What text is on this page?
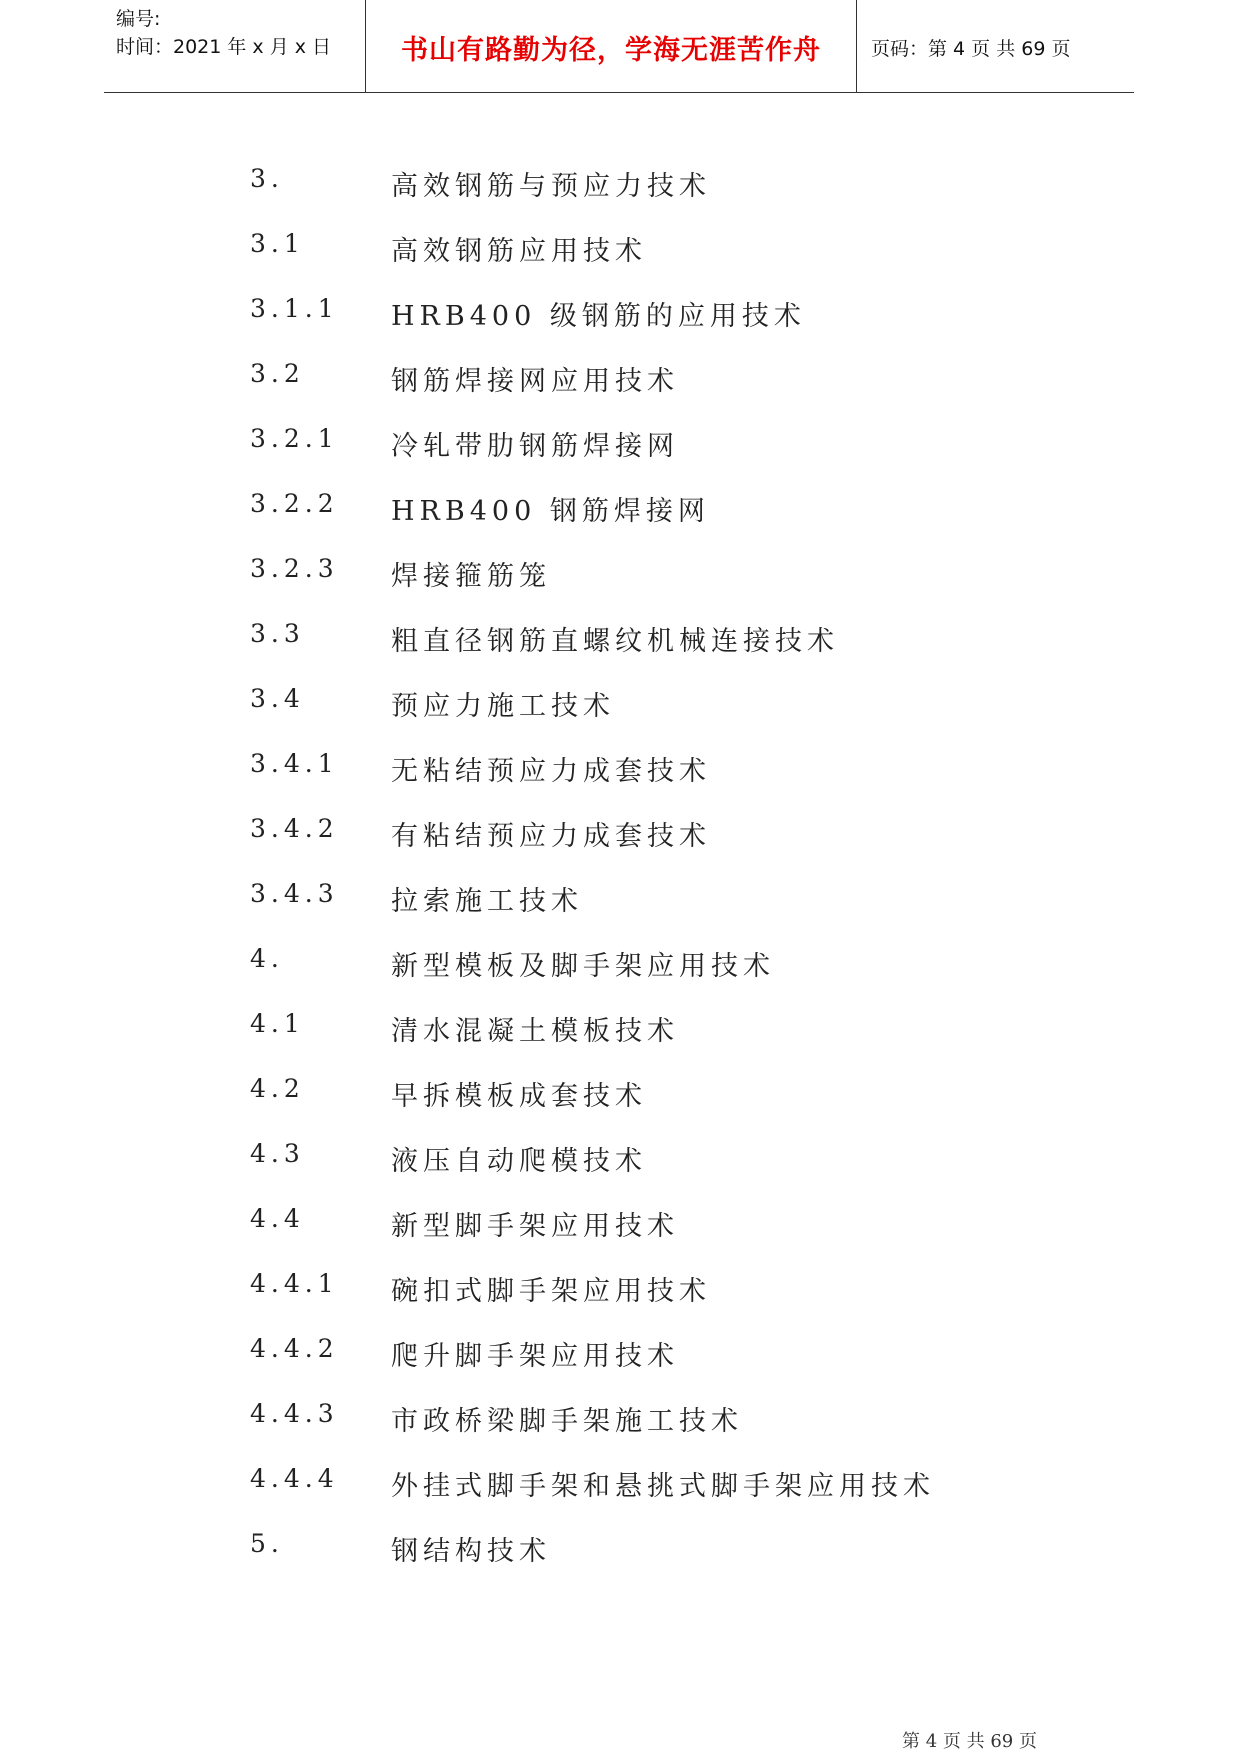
编号:
时间：2021 年 x 月 x 日	书山有路勤为径，学海无涯苦作舟	页码：第 4 页 共 69 页
3.	高效钢筋与预应力技术
3.1	高效钢筋应用技术
3.1.1 HRB400 级钢筋的应用技术
3.2	钢筋焊接网应用技术
3.2.1 冷轧带肋钢筋焊接网
3.2.2 HRB400 钢筋焊接网
3.2.3 焊接箍筋笼
3.3	粗直径钢筋直螺纹机械连接技术
3.4	预应力施工技术
3.4.1 无粘结预应力成套技术
3.4.2 有粘结预应力成套技术
3.4.3 拉索施工技术
4.	新型模板及脚手架应用技术
4.1	清水混凝土模板技术
4.2	早拆模板成套技术
4.3	液压自动爬模技术
4.4	新型脚手架应用技术
4.4.1 碗扣式脚手架应用技术
4.4.2 爬升脚手架应用技术
4.4.3 市政桥梁脚手架施工技术
4.4.4 外挂式脚手架和悬挑式脚手架应用技术
5.	钢结构技术
第 4 页 共 69 页
